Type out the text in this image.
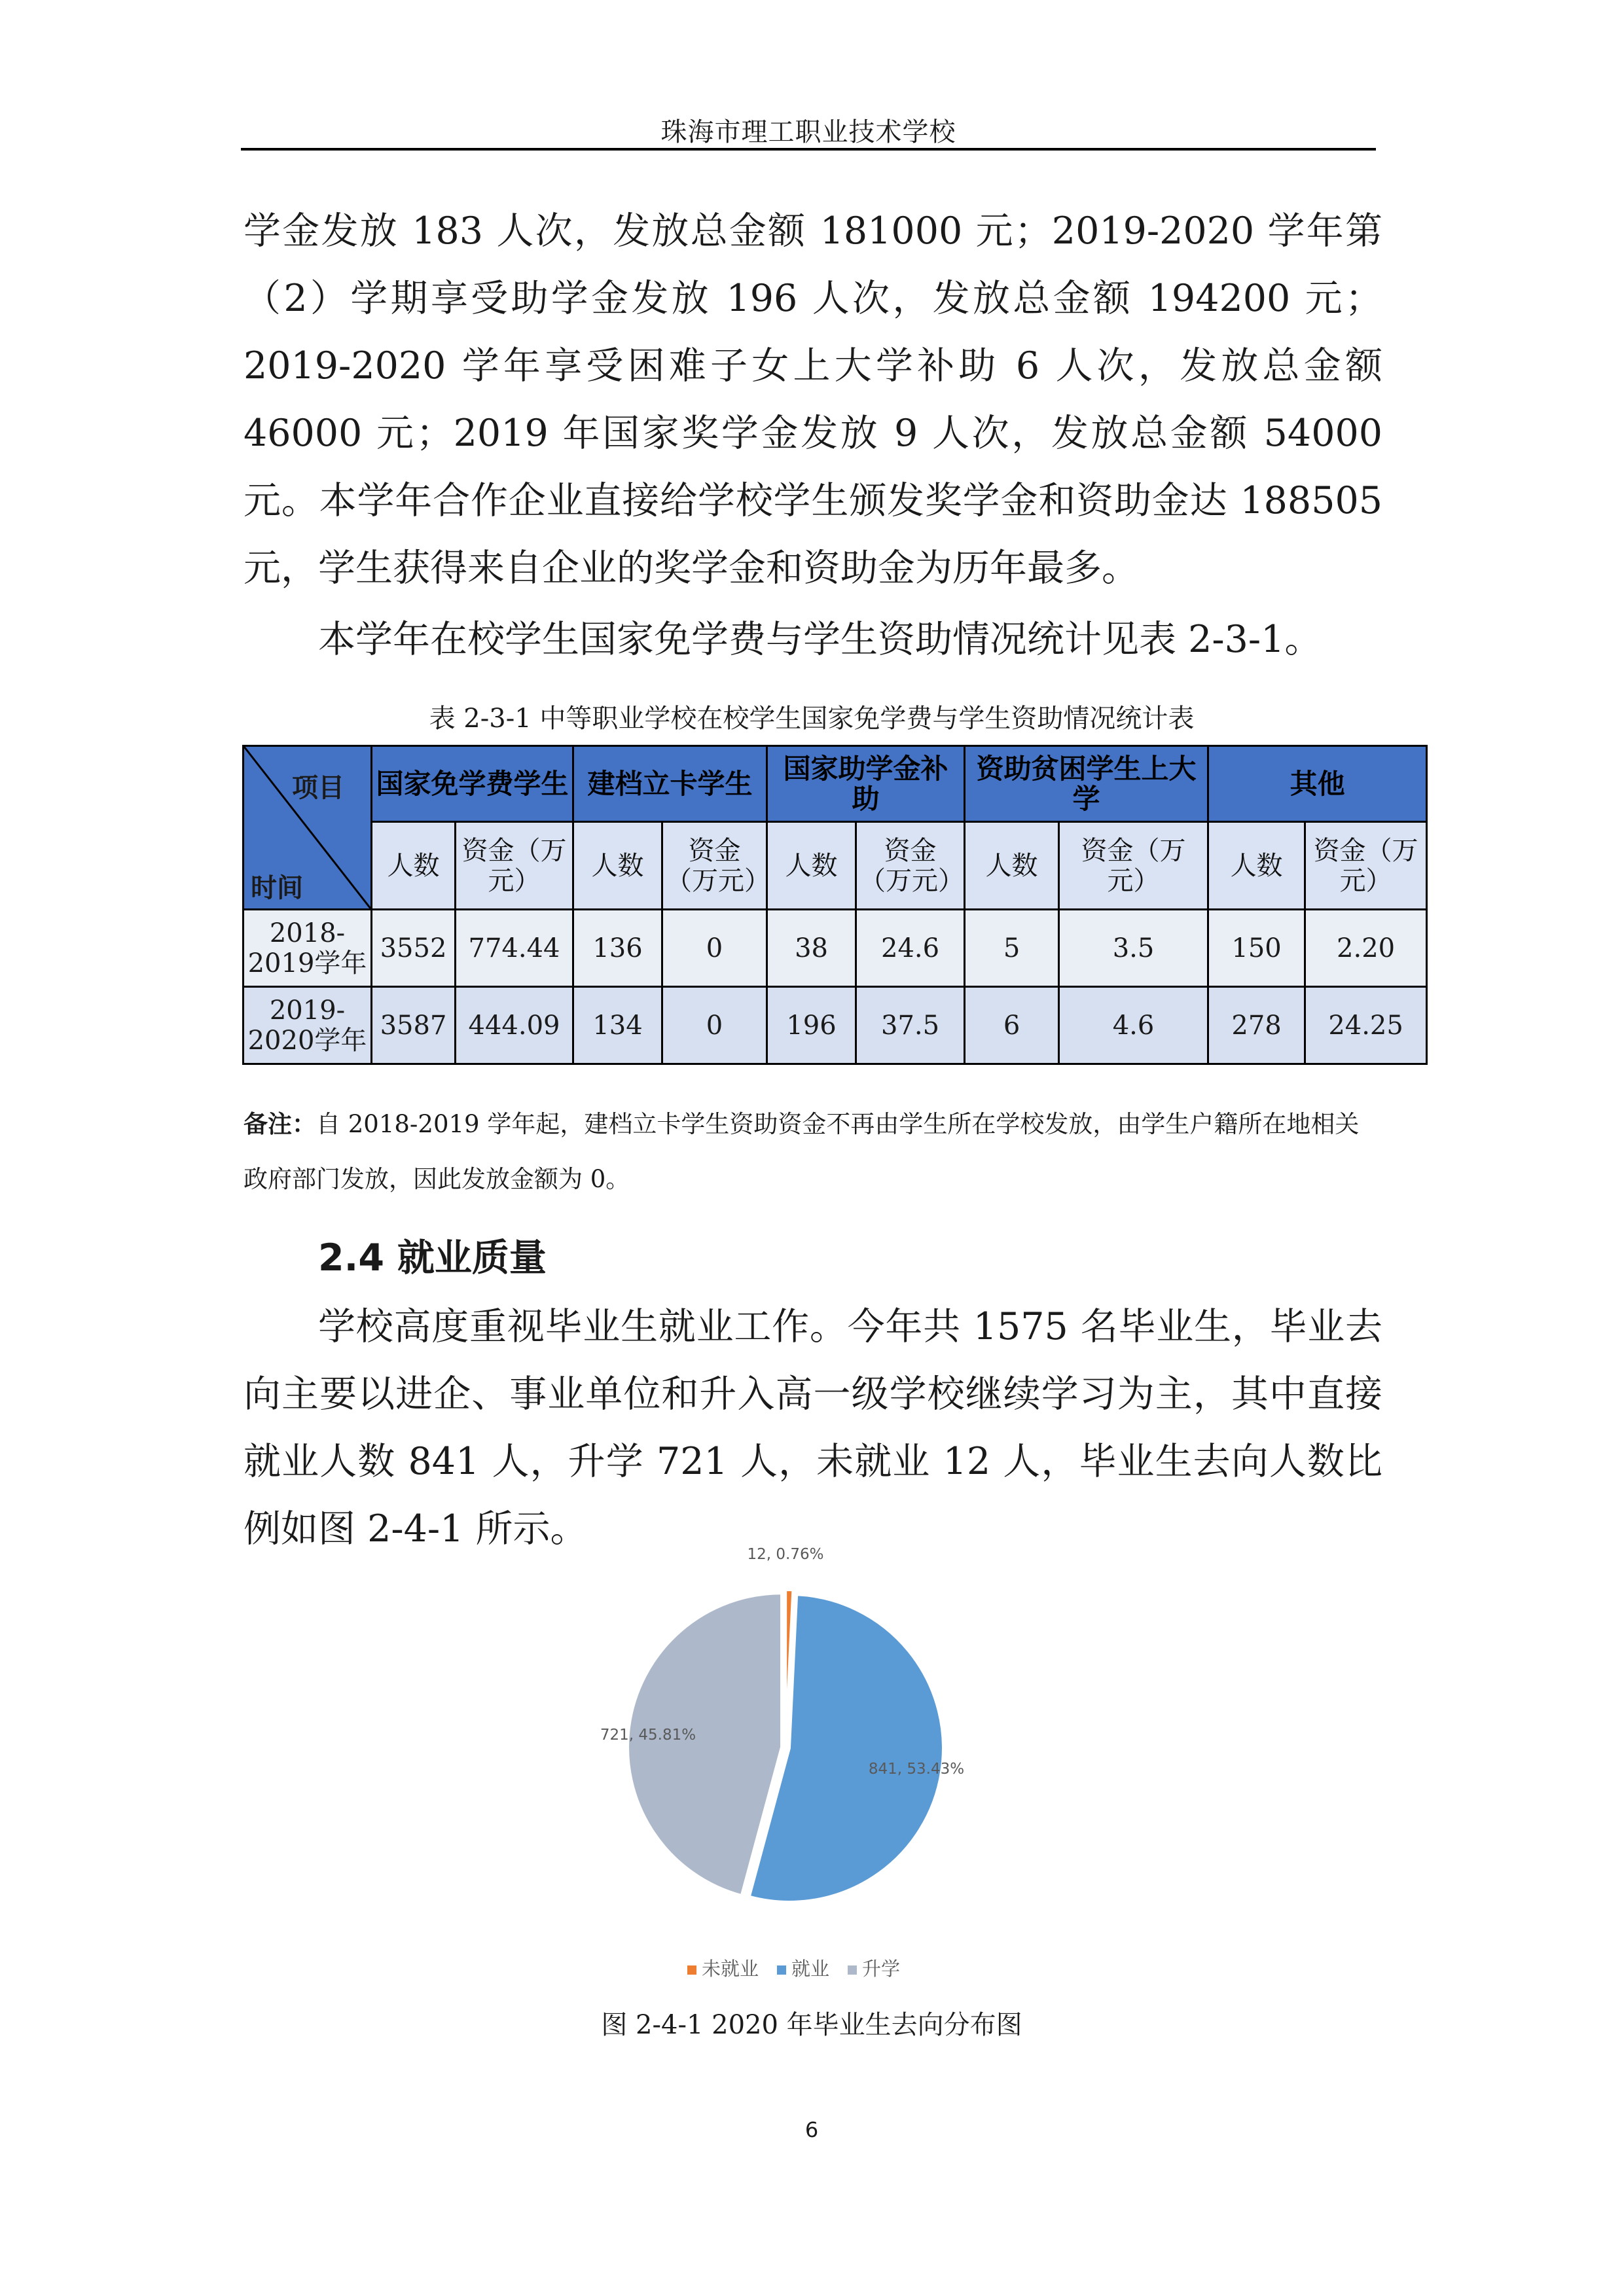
珠海市理工职业技术学校

学金发放 183 人次，发放总金额 181000 元；2019-2020 学年第（2）学期享受助学金发放 196 人次，发放总金额 194200 元；2019-2020 学年享受困难子女上大学补助 6 人次，发放总金额 46000 元；2019 年国家奖学金发放 9 人次，发放总金额 54000 元。本学年合作企业直接给学校学生颁发奖学金和资助金达 188505 元，学生获得来自企业的奖学金和资助金为历年最多。

本学年在校学生国家免学费与学生资助情况统计见表 2-3-1。

表 2-3-1 中等职业学校在校学生国家免学费与学生资助情况统计表
项目
时间	国家免学费学生		建档立卡学生		国家助学金补助		资助贫困学生上大学		其他	
	人数	资金（万元）	人数	资金（万元）	人数	资金（万元）	人数	资金（万元）	人数	资金（万元）
2018-2019学年	3552	774.44	136	0	38	24.6	5	3.5	150	2.20
2019-2020学年	3587	444.09	134	0	196	37.5	6	4.6	278	24.25

备注：自 2018-2019 学年起，建档立卡学生资助资金不再由学生所在学校发放，由学生户籍所在地相关政府部门发放，因此发放金额为 0。

2.4 就业质量

学校高度重视毕业生就业工作。今年共 1575 名毕业生，毕业去向主要以进企、事业单位和升入高一级学校继续学习为主，其中直接就业人数 841 人，升学 721 人，未就业 12 人，毕业生去向人数比例如图 2-4-1 所示。

12, 0.76%
841, 53.43%
721, 45.81%
未就业	就业	升学
图 2-4-1 2020 年毕业生去向分布图
6
